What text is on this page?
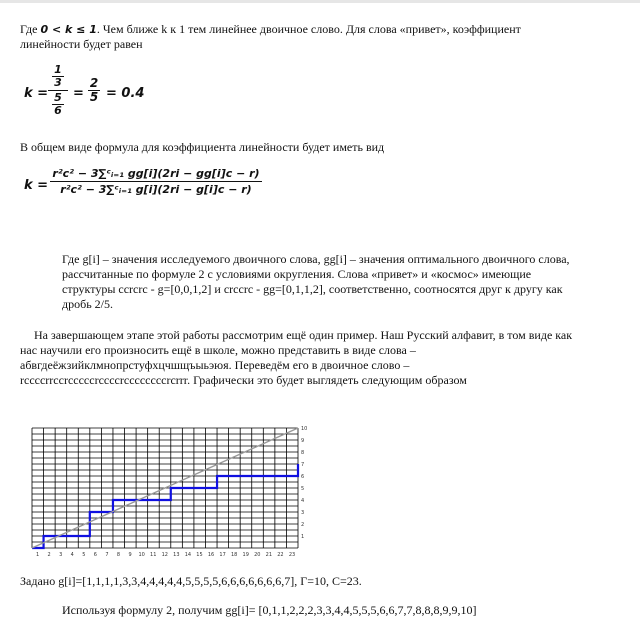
Где 0 < k ≤ 1. Чем ближе k к 1 тем линейнее двоичное слово. Для слова «привет», коэффициент линейности будет равен

k =
$\frac{1}{3}$
$\frac{5}{6}$ =
2
5 = 0.4

В общем виде формула для коэффициента линейности будет иметь вид

k =
r²c² − 3∑ᶜᵢ₌₁ gg[i](2ri − gg[i]c − r)
r²c² − 3∑ᶜᵢ₌₁ g[i](2ri − g[i]c − r)

Где g[i] – значения исследуемого двоичного слова, gg[i] – значения оптимального двоичного слова, рассчитанные по формуле 2 с условиями округления. Слова «привет» и «космос» имеющие структуры ccrcrc - g=[0,0,1,2] и crcсrc - gg=[0,1,1,2], соответственно, соотносятся друг к другу как дробь 2/5.

На завершающем этапе этой работы рассмотрим ещё один пример. Наш Русский алфавит, в том виде как нас научили его произносить ещё в школе, можно представить в виде слова – абвгдеёжзийклмнопрстуфхцчшщъыьэюя. Переведём его в двоичное слово – rccccrrccrcccccrccccrccccccccrcrrr. Графически это будет выглядеть следующим образом

1 2 3 4 5 6 7 8 9 10 11 12 13 14 15 16 17 18 19 20 21 22 23
1
2
3
4
5
6
7
8
9
10

Задано g[i]=[1,1,1,1,3,3,4,4,4,4,4,5,5,5,5,6,6,6,6,6,6,6,7], Г=10, С=23.

Используя формулу 2, получим gg[i]= [0,1,1,2,2,2,3,3,4,4,5,5,5,6,6,7,7,8,8,8,9,9,10]
